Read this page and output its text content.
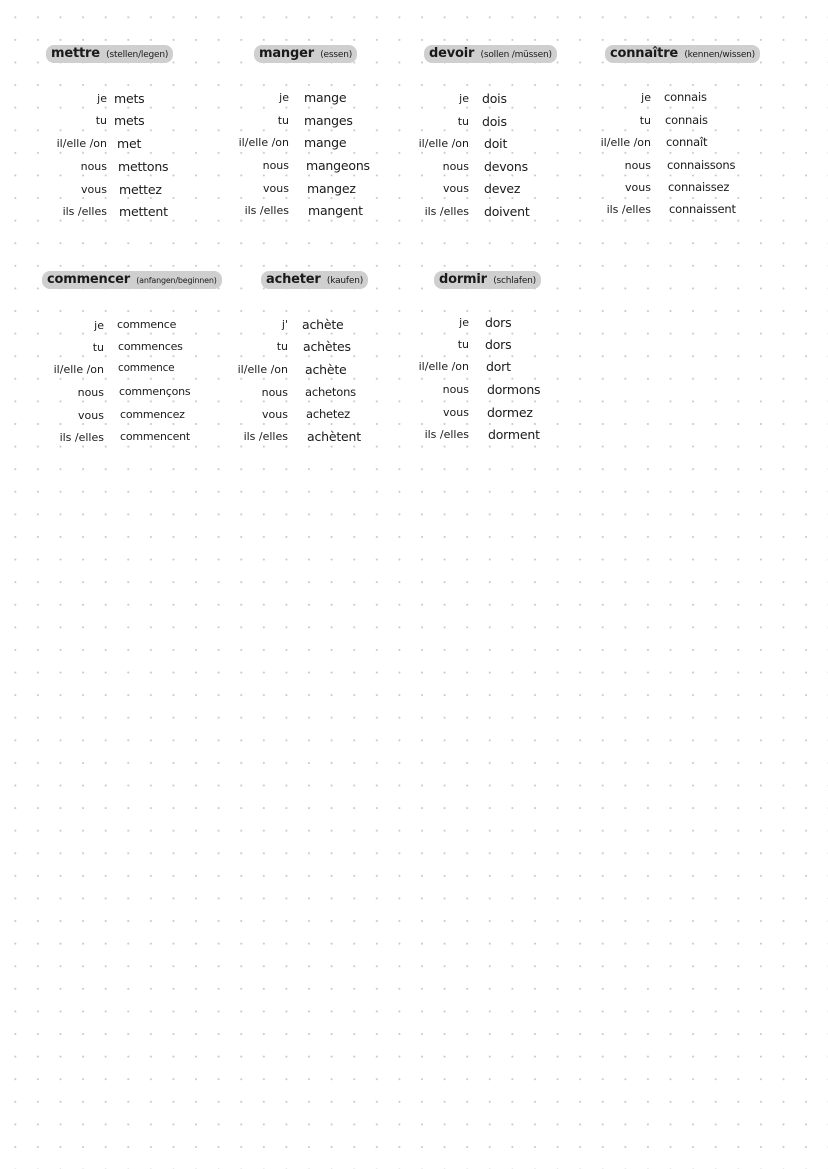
mettre (stellen/legen)
je mets
tu mets
il/elle /on met
nous mettons
vous mettez
ils /elles mettent
manger (essen)
je mange
tu manges
il/elle /on mange
nous mangeons
vous mangez
ils /elles mangent
devoir (sollen /müssen)
je dois
tu dois
il/elle /on doit
nous devons
vous devez
ils /elles doivent
connaître (kennen/wissen)
je connais
tu connais
il/elle /on connaît
nous connaissons
vous connaissez
ils /elles connaissent
commencer (anfangen/beginnen)
je commence
tu commences
il/elle /on commence
nous commençons
vous commencez
ils /elles commencent
acheter (kaufen)
j' achète
tu achètes
il/elle /on achète
nous achetons
vous achetez
ils /elles achètent
dormir (schlafen)
je dors
tu dors
il/elle /on dort
nous dormons
vous dormez
ils /elles dorment
